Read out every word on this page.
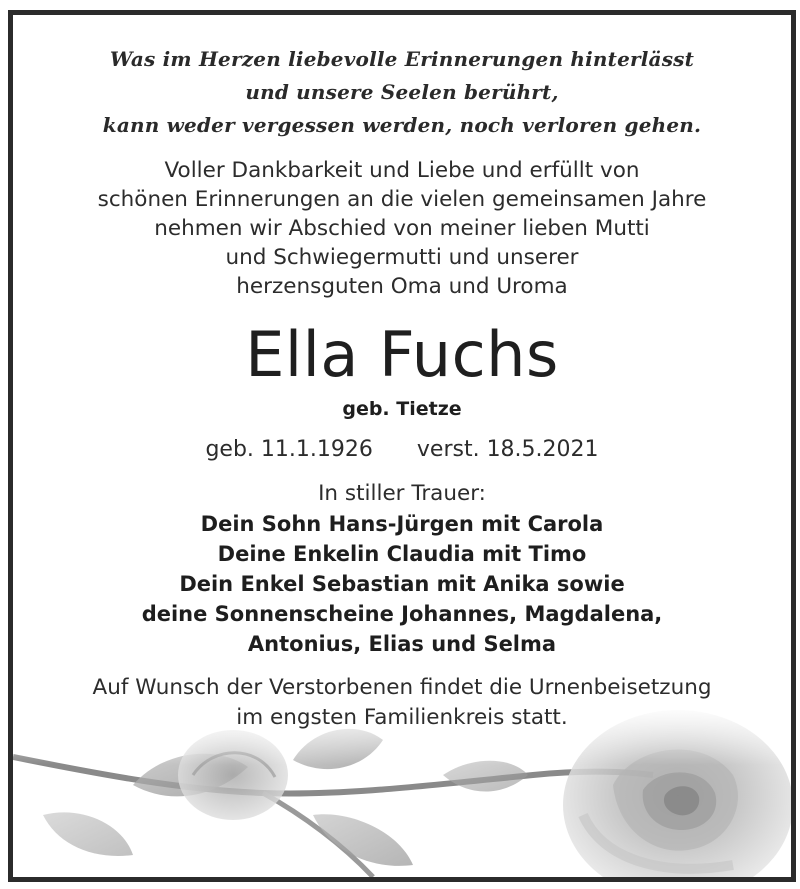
Was im Herzen liebevolle Erinnerungen hinterlässt
und unsere Seelen berührt,
kann weder vergessen werden, noch verloren gehen.

Voller Dankbarkeit und Liebe und erfüllt von
schönen Erinnerungen an die vielen gemeinsamen Jahre
nehmen wir Abschied von meiner lieben Mutti
und Schwiegermutti und unserer
herzensguten Oma und Uroma

Ella Fuchs

geb. Tietze

geb. 11.1.1926 verst. 18.5.2021

In stiller Trauer:

Dein Sohn Hans-Jürgen mit Carola
Deine Enkelin Claudia mit Timo
Dein Enkel Sebastian mit Anika sowie
deine Sonnenscheine Johannes, Magdalena,
Antonius, Elias und Selma

Auf Wunsch der Verstorbenen findet die Urnenbeisetzung
im engsten Familienkreis statt.
